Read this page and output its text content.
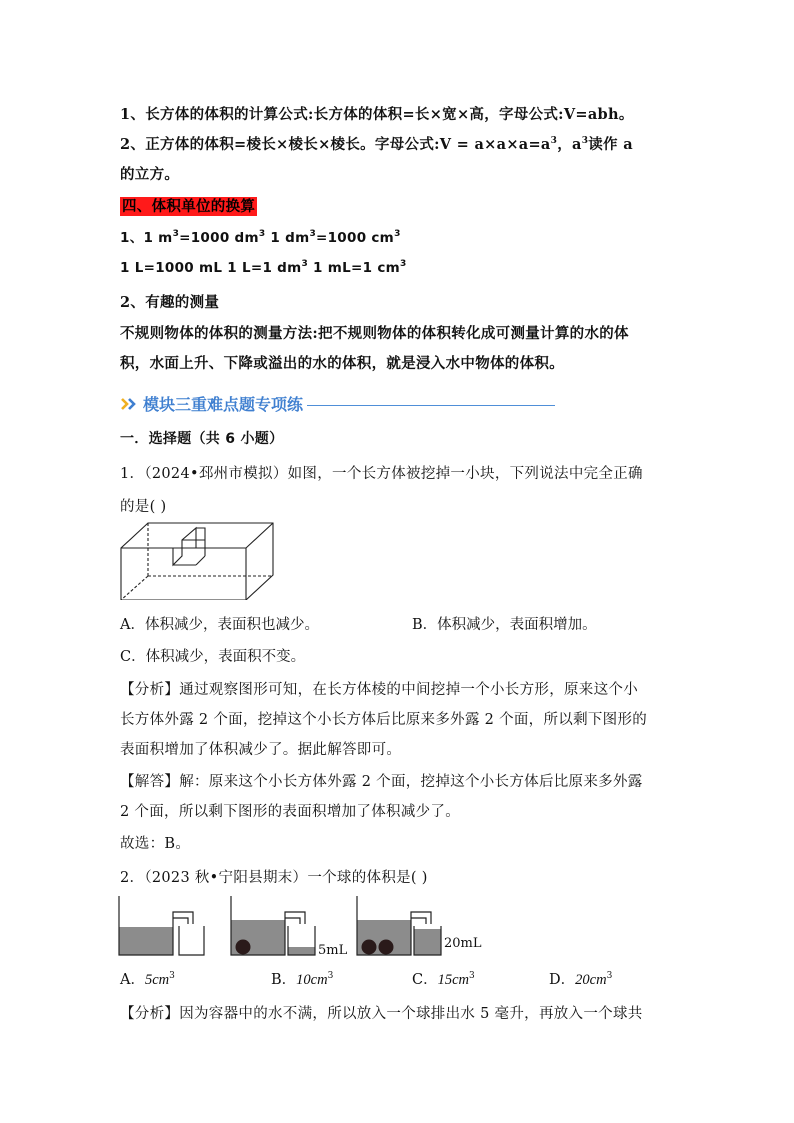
1、长方体的体积的计算公式:长方体的体积=长×宽×高，字母公式:V=abh。
2、正方体的体积=棱长×棱长×棱长。字母公式:V = $a\times a\times a=a^3$，$a^3$读作 a
的立方。
四、体积单位的换算
1、1 $m^3=1000$ $dm^3$ 1 $dm^3=1000$ $cm^3$
1 L=1000 mL 1 L=1 $dm^3$ 1 mL=1 $cm^3$
2、有趣的测量
不规则物体的体积的测量方法:把不规则物体的体积转化成可测量计算的水的体
积，水面上升、下降或溢出的水的体积，就是浸入水中物体的体积。
模块三重难点题专项练
一．选择题（共 6 小题）
1．（2024•邳州市模拟）如图，一个长方体被挖掉一小块，下列说法中完全正确
的是( )
A．体积减少，表面积也减少。	B．体积减少，表面积增加。
C．体积减少，表面积不变。
【分析】通过观察图形可知，在长方体棱的中间挖掉一个小长方形，原来这个小
长方体外露 2 个面，挖掉这个小长方体后比原来多外露 2 个面，所以剩下图形的
表面积增加了体积减少了。据此解答即可。
【解答】解：原来这个小长方体外露 2 个面，挖掉这个小长方体后比原来多外露
2 个面，所以剩下图形的表面积增加了体积减少了。
故选：B。
2．（2023 秋•宁阳县期末）一个球的体积是( )
5mL	20mL
A．$5cm^3$	B．$10cm^3$	C．$15cm^3$	D．$20cm^3$
【分析】因为容器中的水不满，所以放入一个球排出水 5 毫升，再放入一个球共
